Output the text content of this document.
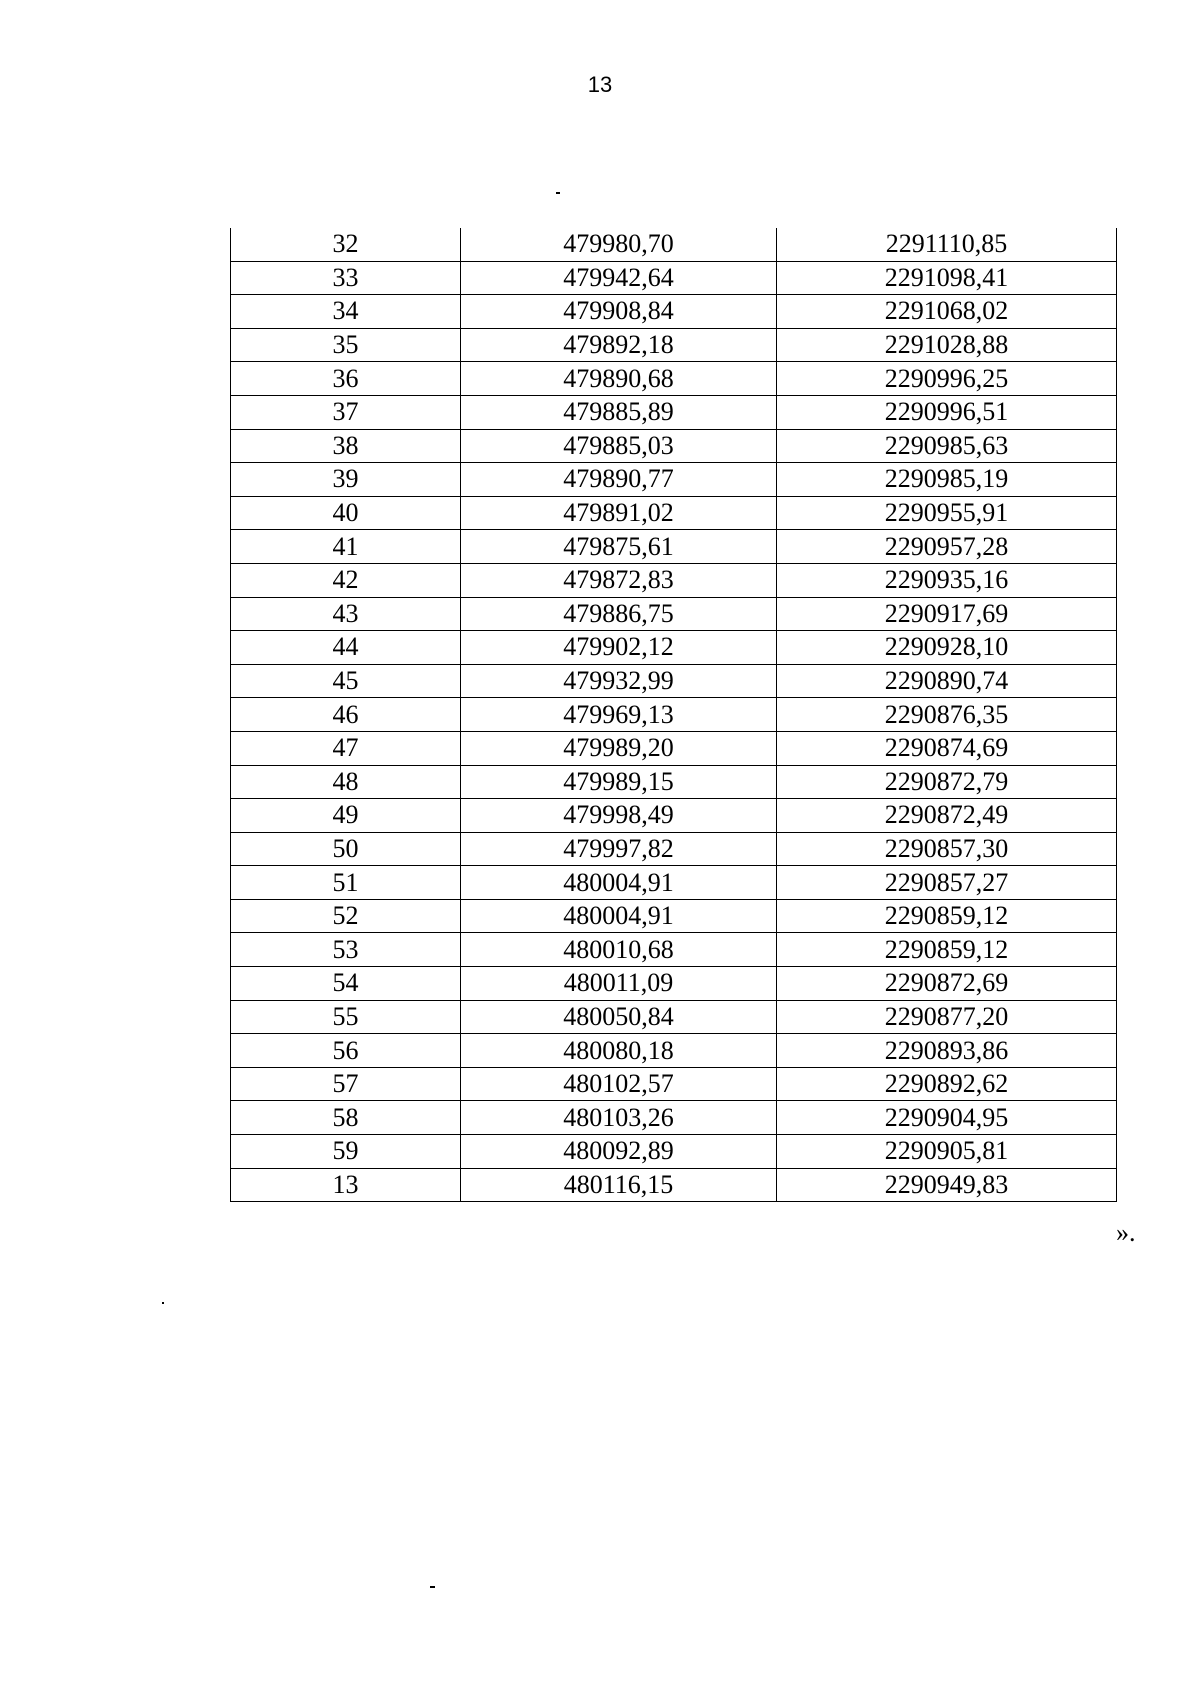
13
32	479980,70	2291110,85
33	479942,64	2291098,41
34	479908,84	2291068,02
35	479892,18	2291028,88
36	479890,68	2290996,25
37	479885,89	2290996,51
38	479885,03	2290985,63
39	479890,77	2290985,19
40	479891,02	2290955,91
41	479875,61	2290957,28
42	479872,83	2290935,16
43	479886,75	2290917,69
44	479902,12	2290928,10
45	479932,99	2290890,74
46	479969,13	2290876,35
47	479989,20	2290874,69
48	479989,15	2290872,79
49	479998,49	2290872,49
50	479997,82	2290857,30
51	480004,91	2290857,27
52	480004,91	2290859,12
53	480010,68	2290859,12
54	480011,09	2290872,69
55	480050,84	2290877,20
56	480080,18	2290893,86
57	480102,57	2290892,62
58	480103,26	2290904,95
59	480092,89	2290905,81
13	480116,15	2290949,83
».
